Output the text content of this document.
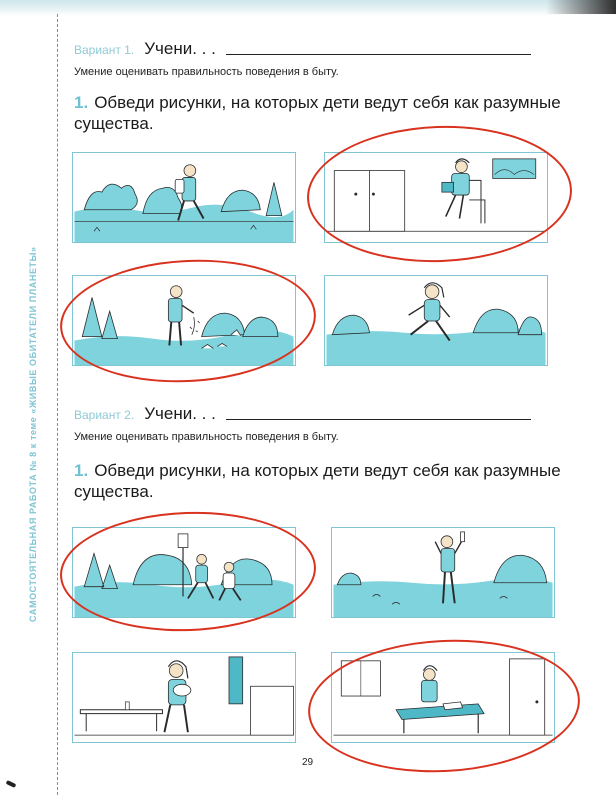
САМОСТОЯТЕЛЬНАЯ РАБОТА № 8 к теме «ЖИВЫЕ ОБИТАТЕЛИ ПЛАНЕТЫ»
Вариант 1. Учени. . .
Умение оценивать правильность поведения в быту.
1. Обведи рисунки, на которых дети ведут себя как разумные существа.
Вариант 2. Учени. . .
Умение оценивать правильность поведения в быту.
1. Обведи рисунки, на которых дети ведут себя как разумные существа.
29
